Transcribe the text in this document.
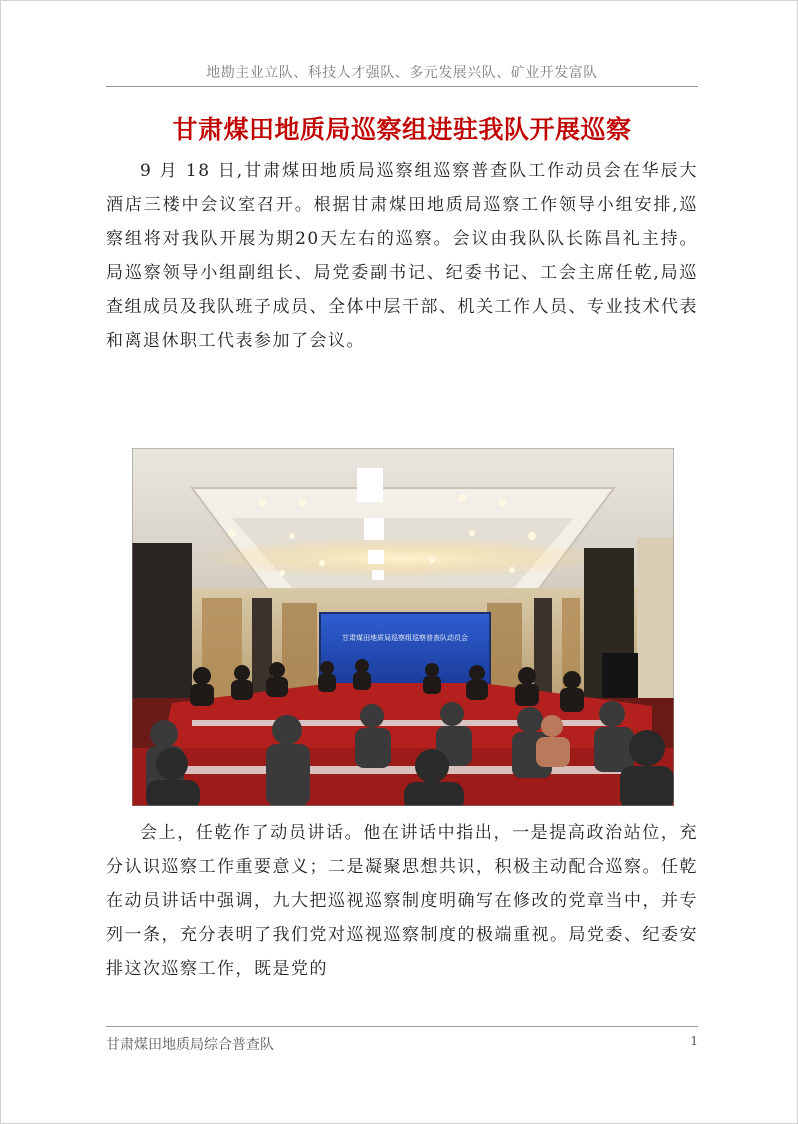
地勘主业立队、科技人才强队、多元发展兴队、矿业开发富队
甘肃煤田地质局巡察组进驻我队开展巡察

9 月 18 日,甘肃煤田地质局巡察组巡察普查队工作动员会在华辰大酒店三楼中会议室召开。根据甘肃煤田地质局巡察工作领导小组安排,巡察组将对我队开展为期20天左右的巡察。会议由我队队长陈昌礼主持。局巡察领导小组副组长、局党委副书记、纪委书记、工会主席任乾,局巡查组成员及我队班子成员、全体中层干部、机关工作人员、专业技术代表和离退休职工代表参加了会议。

甘肃煤田地质局巡察组巡察普查队动员会

会上，任乾作了动员讲话。他在讲话中指出，一是提高政治站位，充分认识巡察工作重要意义；二是凝聚思想共识，积极主动配合巡察。任乾在动员讲话中强调，九大把巡视巡察制度明确写在修改的党章当中，并专列一条，充分表明了我们党对巡视巡察制度的极端重视。局党委、纪委安排这次巡察工作，既是党的

甘肃煤田地质局综合普查队	1
